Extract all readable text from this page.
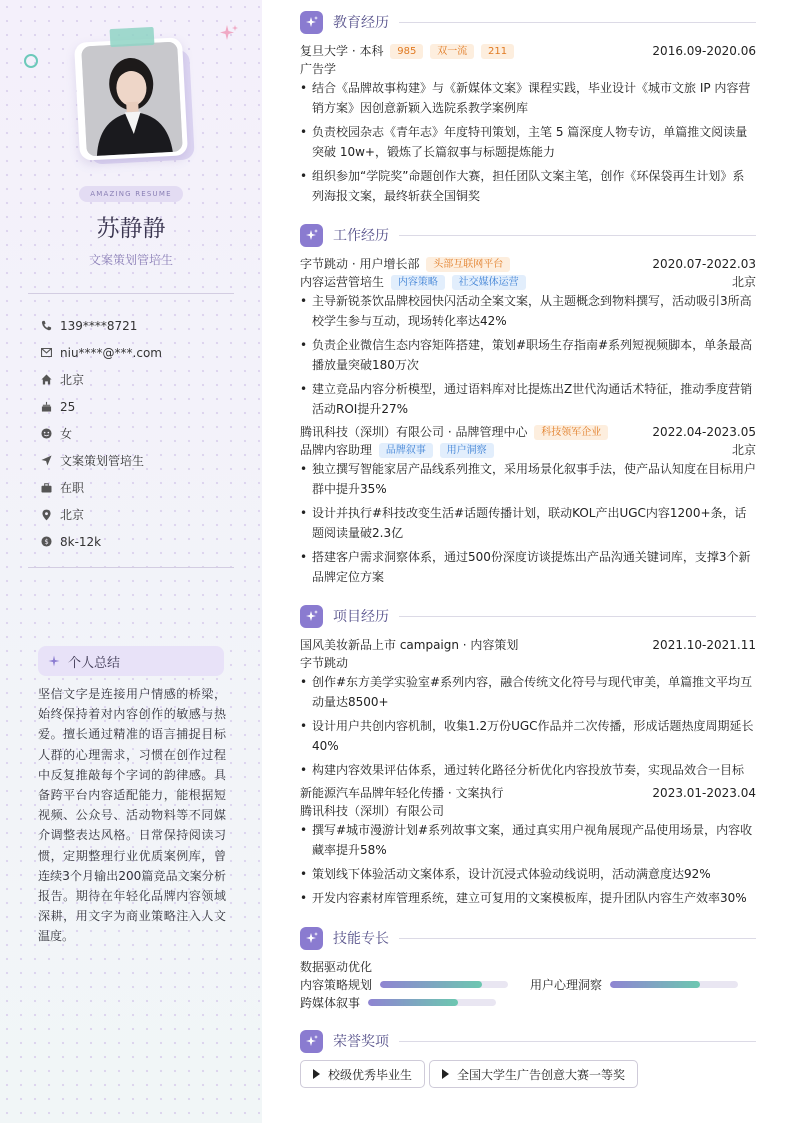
AMAZING RESUME
苏静静
文案策划管培生
139****8721
niu****@***.com
北京
25
女
文案策划管培生
在职
北京
$ 8k-12k
个人总结
坚信文字是连接用户情感的桥梁，始终保持着对内容创作的敏感与热爱。擅长通过精准的语言捕捉目标人群的心理需求，习惯在创作过程中反复推敲每个字词的韵律感。具备跨平台内容适配能力，能根据短视频、公众号、活动物料等不同媒介调整表达风格。日常保持阅读习惯，定期整理行业优质案例库，曾连续3个月输出200篇竞品文案分析报告。期待在年轻化品牌内容领域深耕，用文字为商业策略注入人文温度。
教育经历
复旦大学 · 本科 985 双一流 211	2016.09-2020.06
广告学
• 结合《品牌故事构建》与《新媒体文案》课程实践，毕业设计《城市文旅 IP 内容营销方案》因创意新颖入选院系教学案例库
• 负责校园杂志《青年志》年度特刊策划，主笔 5 篇深度人物专访，单篇推文阅读量突破 10w+，锻炼了长篇叙事与标题提炼能力
• 组织参加“学院奖”命题创作大赛，担任团队文案主笔，创作《环保袋再生计划》系列海报文案，最终斩获全国铜奖
工作经历
字节跳动 · 用户增长部 头部互联网平台	2020.07-2022.03
内容运营管培生 内容策略 社交媒体运营	北京
• 主导新锐茶饮品牌校园快闪活动全案文案，从主题概念到物料撰写，活动吸引3所高校学生参与互动，现场转化率达42%
• 负责企业微信生态内容矩阵搭建，策划#职场生存指南#系列短视频脚本，单条最高播放量突破180万次
• 建立竞品内容分析模型，通过语料库对比提炼出Z世代沟通话术特征，推动季度营销活动ROI提升27%
腾讯科技（深圳）有限公司 · 品牌管理中心 科技领军企业	2022.04-2023.05
品牌内容助理 品牌叙事 用户洞察	北京
• 独立撰写智能家居产品线系列推文，采用场景化叙事手法，使产品认知度在目标用户群中提升35%
• 设计并执行#科技改变生活#话题传播计划，联动KOL产出UGC内容1200+条，话题阅读量破2.3亿
• 搭建客户需求洞察体系，通过500份深度访谈提炼出产品沟通关键词库，支撑3个新品牌定位方案
项目经历
国风美妆新品上市 campaign · 内容策划	2021.10-2021.11
字节跳动
• 创作#东方美学实验室#系列内容，融合传统文化符号与现代审美，单篇推文平均互动量达8500+
• 设计用户共创内容机制，收集1.2万份UGC作品并二次传播，形成话题热度周期延长40%
• 构建内容效果评估体系，通过转化路径分析优化内容投放节奏，实现品效合一目标
新能源汽车品牌年轻化传播 · 文案执行	2023.01-2023.04
腾讯科技（深圳）有限公司
• 撰写#城市漫游计划#系列故事文案，通过真实用户视角展现产品使用场景，内容收藏率提升58%
• 策划线下体验活动文案体系，设计沉浸式体验动线说明，活动满意度达92%
• 开发内容素材库管理系统，建立可复用的文案模板库，提升团队内容生产效率30%
技能专长
数据驱动优化
内容策略规划	用户心理洞察
跨媒体叙事
荣誉奖项
校级优秀毕业生	全国大学生广告创意大赛一等奖
